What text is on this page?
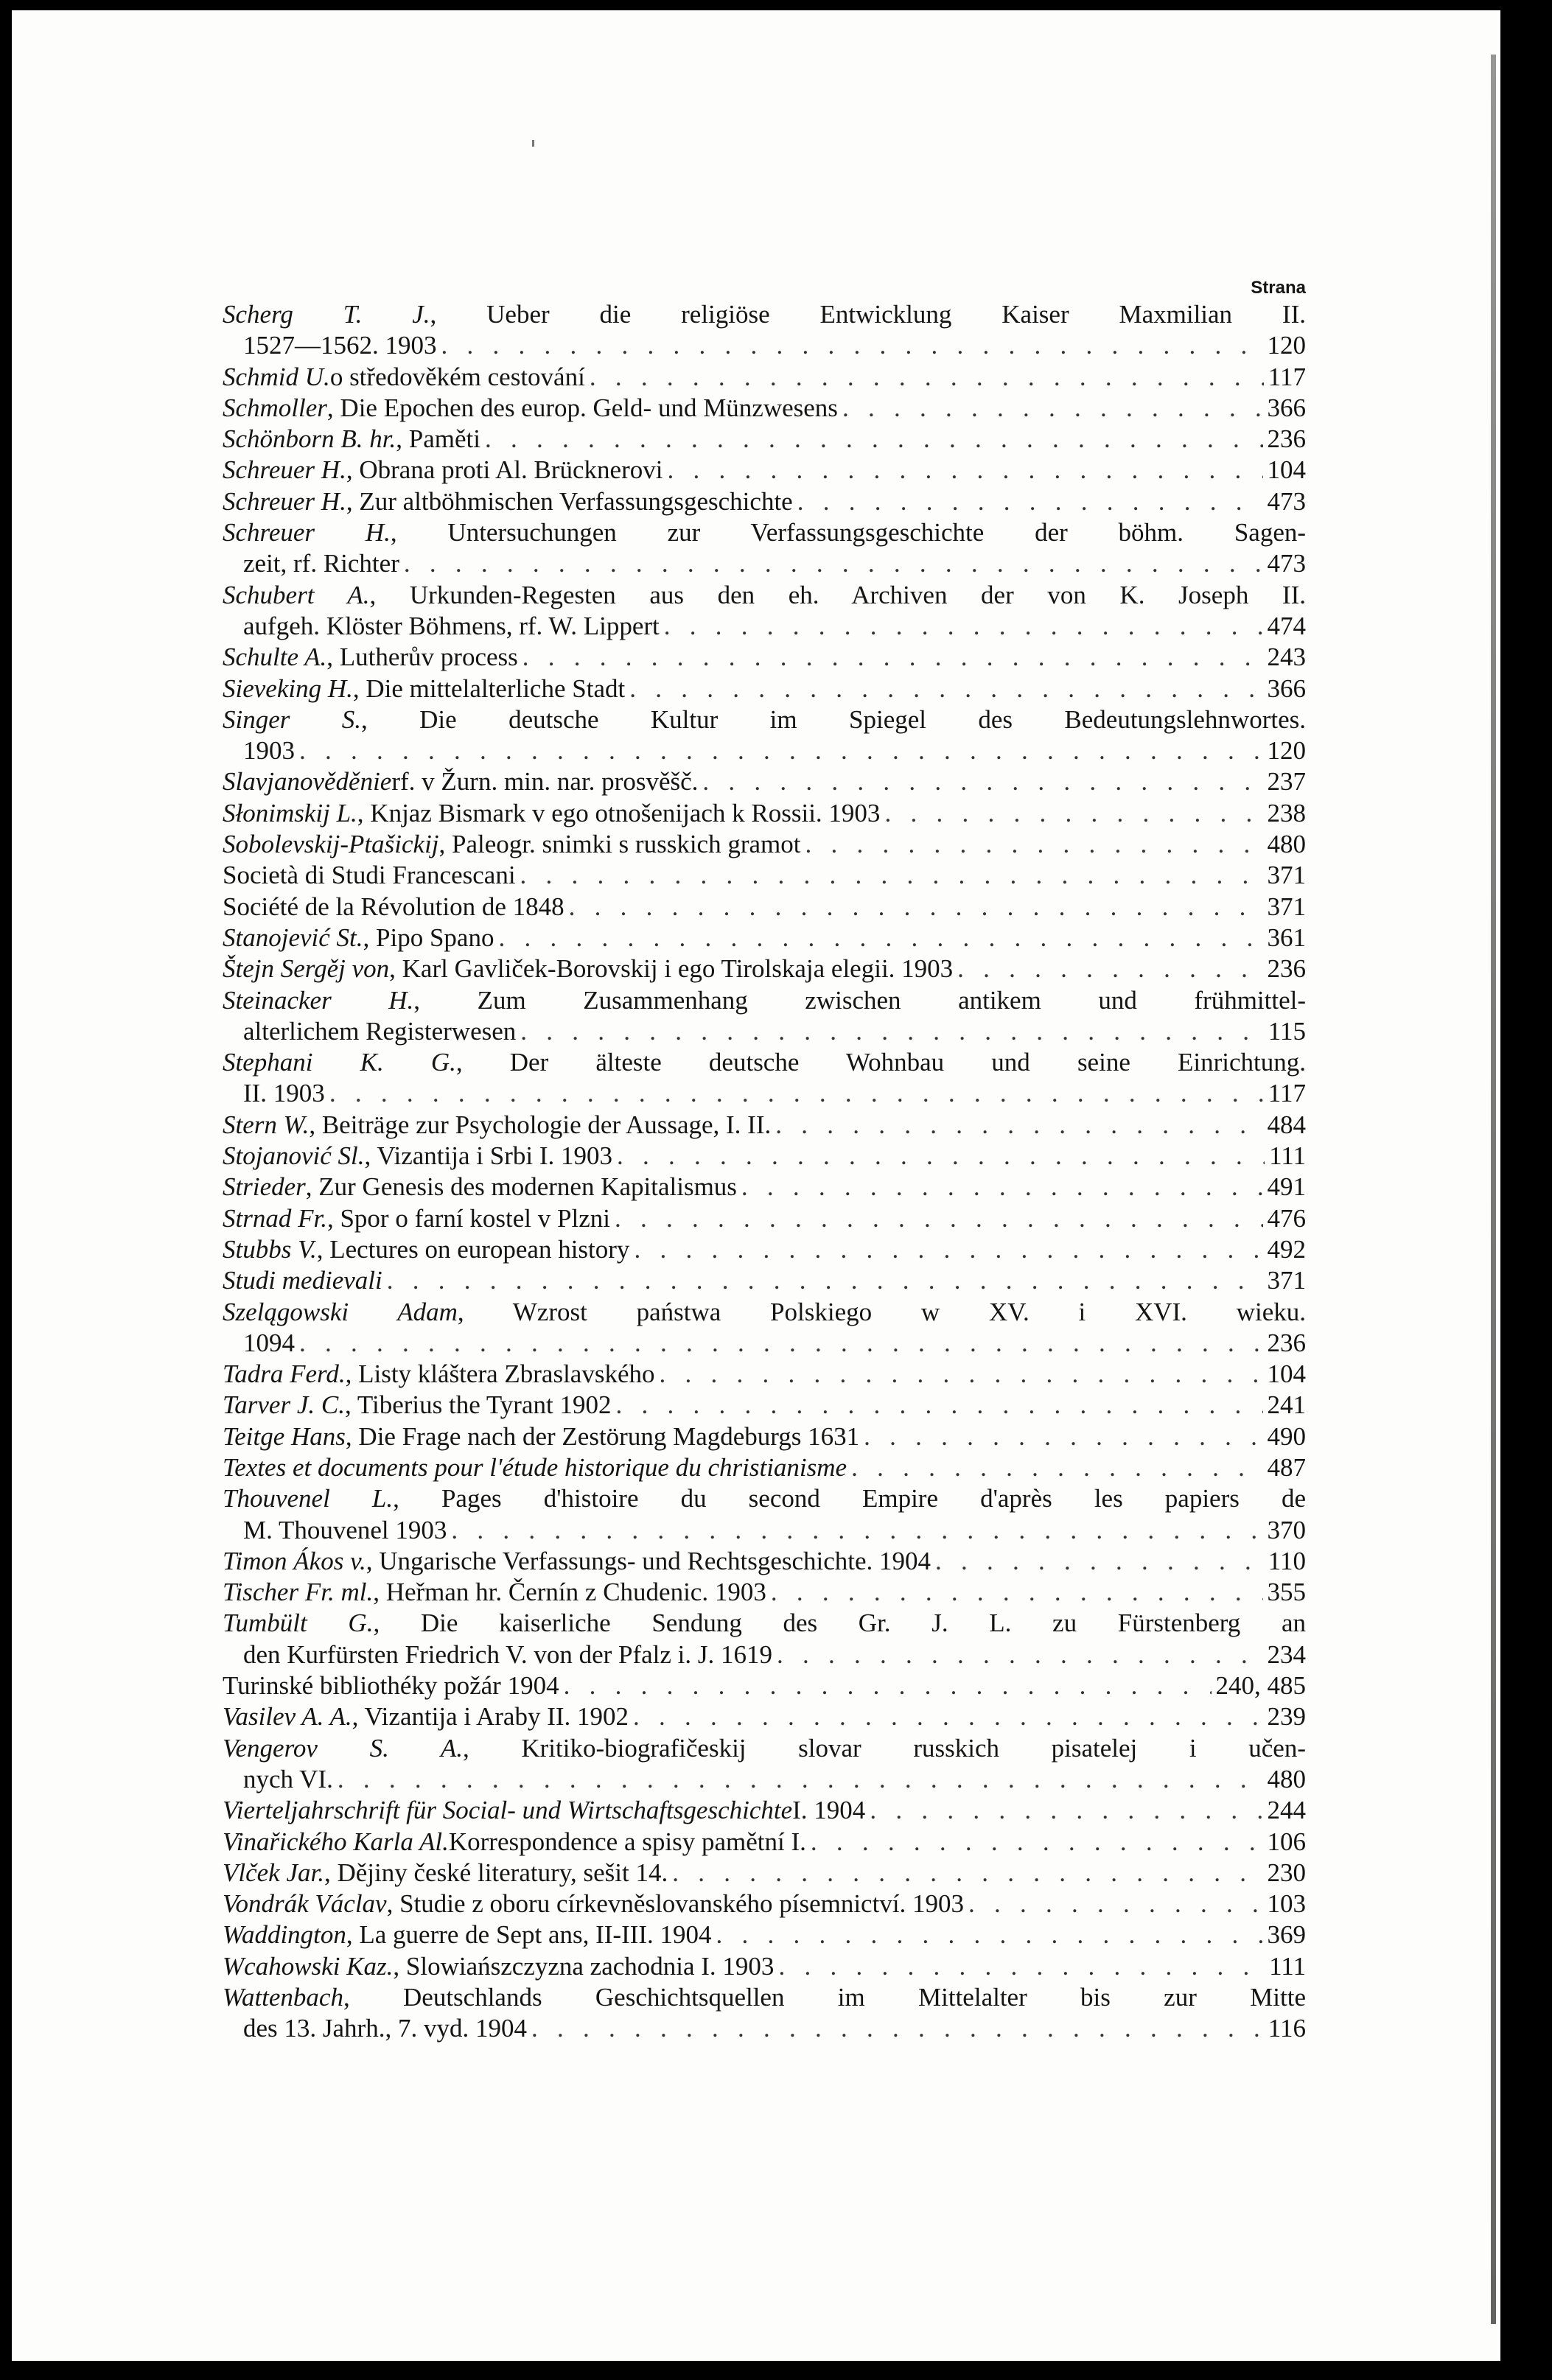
Strana
Scherg T. J., Ueber die religiöse Entwicklung Kaiser Maxmilian II.
1527—1562. 1903 . . .	120
Schmid U. o středověkém cestování . . .	117
Schmoller , Die Epochen des europ. Geld- und Münzwesens . . .	366
Schönborn B. hr. , Paměti . . .	236
Schreuer H. , Obrana proti Al. Brücknerovi . . .	104
Schreuer H. , Zur altböhmischen Verfassungsgeschichte . . .	473
Schreuer H., Untersuchungen zur Verfassungsgeschichte der böhm. Sagen-
zeit, rf. Richter . . .	473
Schubert A., Urkunden-Regesten aus den eh. Archiven der von K. Joseph II.
aufgeh. Klöster Böhmens, rf. W. Lippert . . .	474
Schulte A. , Lutherův process . . .	243
Sieveking H. , Die mittelalterliche Stadt . . .	366
Singer S., Die deutsche Kultur im Spiegel des Bedeutungslehnwortes.
1903 . . .	120
Slavjanověděnie rf. v Žurn. min. nar. prosvěšč. . . .	237
Słonimskij L. , Knjaz Bismark v ego otnošenijach k Rossii. 1903 . . .	238
Sobolevskij-Ptašickij , Paleogr. snimki s russkich gramot . . .	480
Società di Studi Francescani . . .	371
Société de la Révolution de 1848 . . .	371
Stanojević St. , Pipo Spano . . .	361
Štejn Sergěj von , Karl Gavliček-Borovskij i ego Tirolskaja elegii. 1903 . . .	236
Steinacker H., Zum Zusammenhang zwischen antikem und frühmittel-
alterlichem Registerwesen . . .	115
Stephani K. G., Der älteste deutsche Wohnbau und seine Einrichtung.
II. 1903 . . .	117
Stern W. , Beiträge zur Psychologie der Aussage, I. II. . . .	484
Stojanović Sl. , Vizantija i Srbi I. 1903 . . .	111
Strieder , Zur Genesis des modernen Kapitalismus . . .	491
Strnad Fr. , Spor o farní kostel v Plzni . . .	476
Stubbs V. , Lectures on european history . . .	492
Studi medievali . . .	371
Szelągowski Adam, Wzrost państwa Polskiego w XV. i XVI. wieku.
1094 . . .	236
Tadra Ferd. , Listy kláštera Zbraslavského . . .	104
Tarver J. C. , Tiberius the Tyrant 1902 . . .	241
Teitge Hans , Die Frage nach der Zestörung Magdeburgs 1631 . . .	490
Textes et documents pour l'étude historique du christianisme . . .	487
Thouvenel L., Pages d'histoire du second Empire d'après les papiers de
M. Thouvenel 1903 . . .	370
Timon Ákos v. , Ungarische Verfassungs- und Rechtsgeschichte. 1904 . . .	110
Tischer Fr. ml. , Heřman hr. Černín z Chudenic. 1903 . . .	355
Tumbült G., Die kaiserliche Sendung des Gr. J. L. zu Fürstenberg an
den Kurfürsten Friedrich V. von der Pfalz i. J. 1619 . . .	234
Turinské bibliothéky požár 1904 . . .	240, 485
Vasilev A. A. , Vizantija i Araby II. 1902 . . .	239
Vengerov S. A., Kritiko-biografičeskij slovar russkich pisatelej i učen-
nych VI. . . .	480
Vierteljahrschrift für Social- und Wirtschaftsgeschichte I. 1904 . . .	244
Vinařického Karla Al. Korrespondence a spisy pamětní I. . . .	106
Vlček Jar. , Dějiny české literatury, sešit 14. . . .	230
Vondrák Václav , Studie z oboru církevněslovanského písemnictví. 1903 . . .	103
Waddington , La guerre de Sept ans, II-III. 1904 . . .	369
Wcahowski Kaz. , Slowiańszczyzna zachodnia I. 1903 . . .	111
Wattenbach, Deutschlands Geschichtsquellen im Mittelalter bis zur Mitte
des 13. Jahrh., 7. vyd. 1904 . . .	116
